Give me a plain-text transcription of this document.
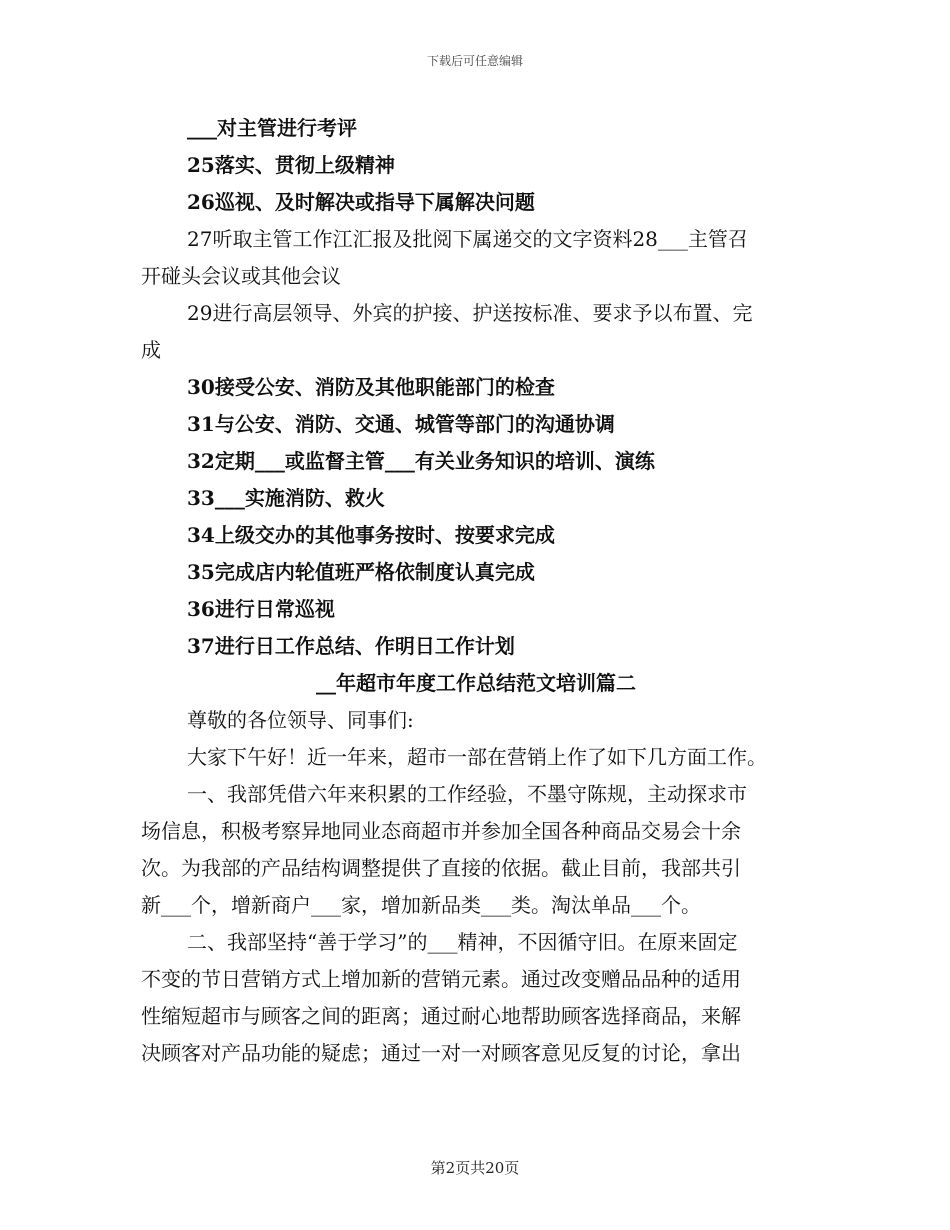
下载后可任意编辑
___对主管进行考评
25落实、贯彻上级精神
26巡视、及时解决或指导下属解决问题
27听取主管工作江汇报及批阅下属递交的文字资料28___主管召
开碰头会议或其他会议
29进行高层领导、外宾的护接、护送按标准、要求予以布置、完
成
30接受公安、消防及其他职能部门的检查
31与公安、消防、交通、城管等部门的沟通协调
32定期___或监督主管___有关业务知识的培训、演练
33___实施消防、救火
34上级交办的其他事务按时、按要求完成
35完成店内轮值班严格依制度认真完成
36进行日常巡视
37进行日工作总结、作明日工作计划
__年超市年度工作总结范文培训篇二
尊敬的各位领导、同事们:
大家下午好！近一年来，超市一部在营销上作了如下几方面工作。
一、我部凭借六年来积累的工作经验，不墨守陈规，主动探求市
场信息，积极考察异地同业态商超市并参加全国各种商品交易会十余
次。为我部的产品结构调整提供了直接的依据。截止目前，我部共引
新___个，增新商户___家，增加新品类___类。淘汰单品___个。
二、我部坚持“善于学习”的___精神，不因循守旧。在原来固定
不变的节日营销方式上增加新的营销元素。通过改变赠品品种的适用
性缩短超市与顾客之间的距离；通过耐心地帮助顾客选择商品，来解
决顾客对产品功能的疑虑；通过一对一对顾客意见反复的讨论，拿出
第2页共20页
